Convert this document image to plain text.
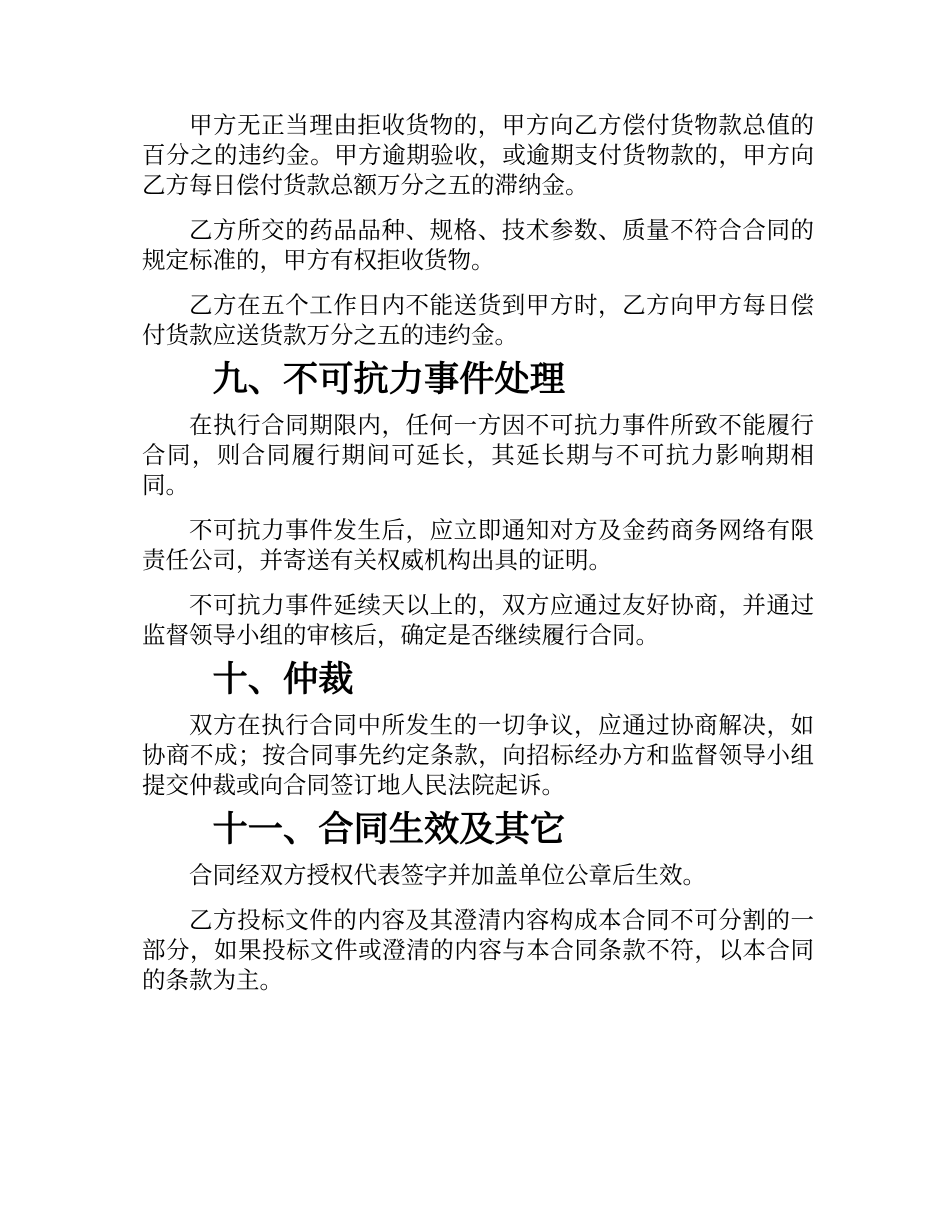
甲方无正当理由拒收货物的，甲方向乙方偿付货物款总值的百分之的违约金。甲方逾期验收，或逾期支付货物款的，甲方向乙方每日偿付货款总额万分之五的滞纳金。

乙方所交的药品品种、规格、技术参数、质量不符合合同的规定标准的，甲方有权拒收货物。

乙方在五个工作日内不能送货到甲方时，乙方向甲方每日偿付货款应送货款万分之五的违约金。

九、不可抗力事件处理

在执行合同期限内，任何一方因不可抗力事件所致不能履行合同，则合同履行期间可延长，其延长期与不可抗力影响期相同。

不可抗力事件发生后，应立即通知对方及金药商务网络有限责任公司，并寄送有关权威机构出具的证明。

不可抗力事件延续天以上的，双方应通过友好协商，并通过监督领导小组的审核后，确定是否继续履行合同。

十、仲裁

双方在执行合同中所发生的一切争议，应通过协商解决，如协商不成；按合同事先约定条款，向招标经办方和监督领导小组提交仲裁或向合同签订地人民法院起诉。

十一、合同生效及其它

合同经双方授权代表签字并加盖单位公章后生效。

乙方投标文件的内容及其澄清内容构成本合同不可分割的一部分，如果投标文件或澄清的内容与本合同条款不符，以本合同的条款为主。
